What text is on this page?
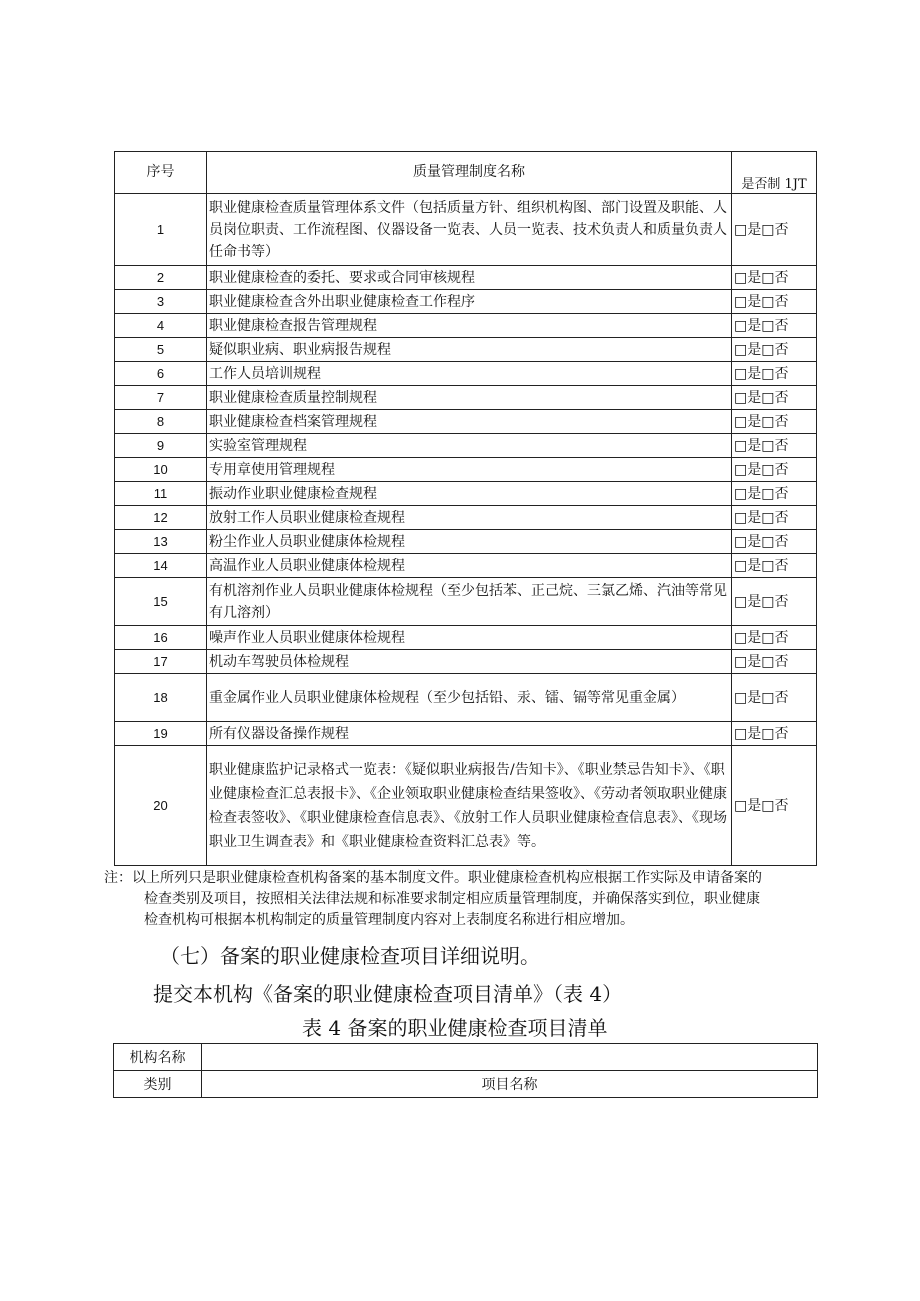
序号	质量管理制度名称	是否制 1JT
1	职业健康检查质量管理体系文件（包括质量方针、组织机构图、部门设置及职能、人员岗位职责、工作流程图、仪器设备一览表、人员一览表、技术负责人和质量负责人任命书等）	□是□否
2	职业健康检查的委托、要求或合同审核规程	□是□否
3	职业健康检查含外出职业健康检查工作程序	□是□否
4	职业健康检查报告管理规程	□是□否
5	疑似职业病、职业病报告规程	□是□否
6	工作人员培训规程	□是□否
7	职业健康检查质量控制规程	□是□否
8	职业健康检查档案管理规程	□是□否
9	实验室管理规程	□是□否
10	专用章使用管理规程	□是□否
11	振动作业职业健康检查规程	□是□否
12	放射工作人员职业健康检查规程	□是□否
13	粉尘作业人员职业健康体检规程	□是□否
14	高温作业人员职业健康体检规程	□是□否
15	有机溶剂作业人员职业健康体检规程（至少包括苯、正己烷、三氯乙烯、汽油等常见有几溶剂）	□是□否
16	噪声作业人员职业健康体检规程	□是□否
17	机动车驾驶员体检规程	□是□否
18	重金属作业人员职业健康体检规程（至少包括铅、汞、镭、镉等常见重金属）	□是□否
19	所有仪器设备操作规程	□是□否
20	职业健康监护记录格式一览表：《疑似职业病报告/告知卡》、《职业禁忌告知卡》、《职业健康检查汇总表报卡》、《企业领取职业健康检查结果签收》、《劳动者领取职业健康检查表签收》、《职业健康检查信息表》、《放射工作人员职业健康检查信息表》、《现场职业卫生调查表》和《职业健康检查资料汇总表》等。	□是□否
注：以上所列只是职业健康检查机构备案的基本制度文件。职业健康检查机构应根据工作实际及申请备案的
检查类别及项目，按照相关法律法规和标准要求制定相应质量管理制度，并确保落实到位，职业健康
检查机构可根据本机构制定的质量管理制度内容对上表制度名称进行相应增加。
（七）备案的职业健康检查项目详细说明。
提交本机构《备案的职业健康检查项目清单》（表 4）
表 4 备案的职业健康检查项目清单
机构名称	
类别	项目名称
